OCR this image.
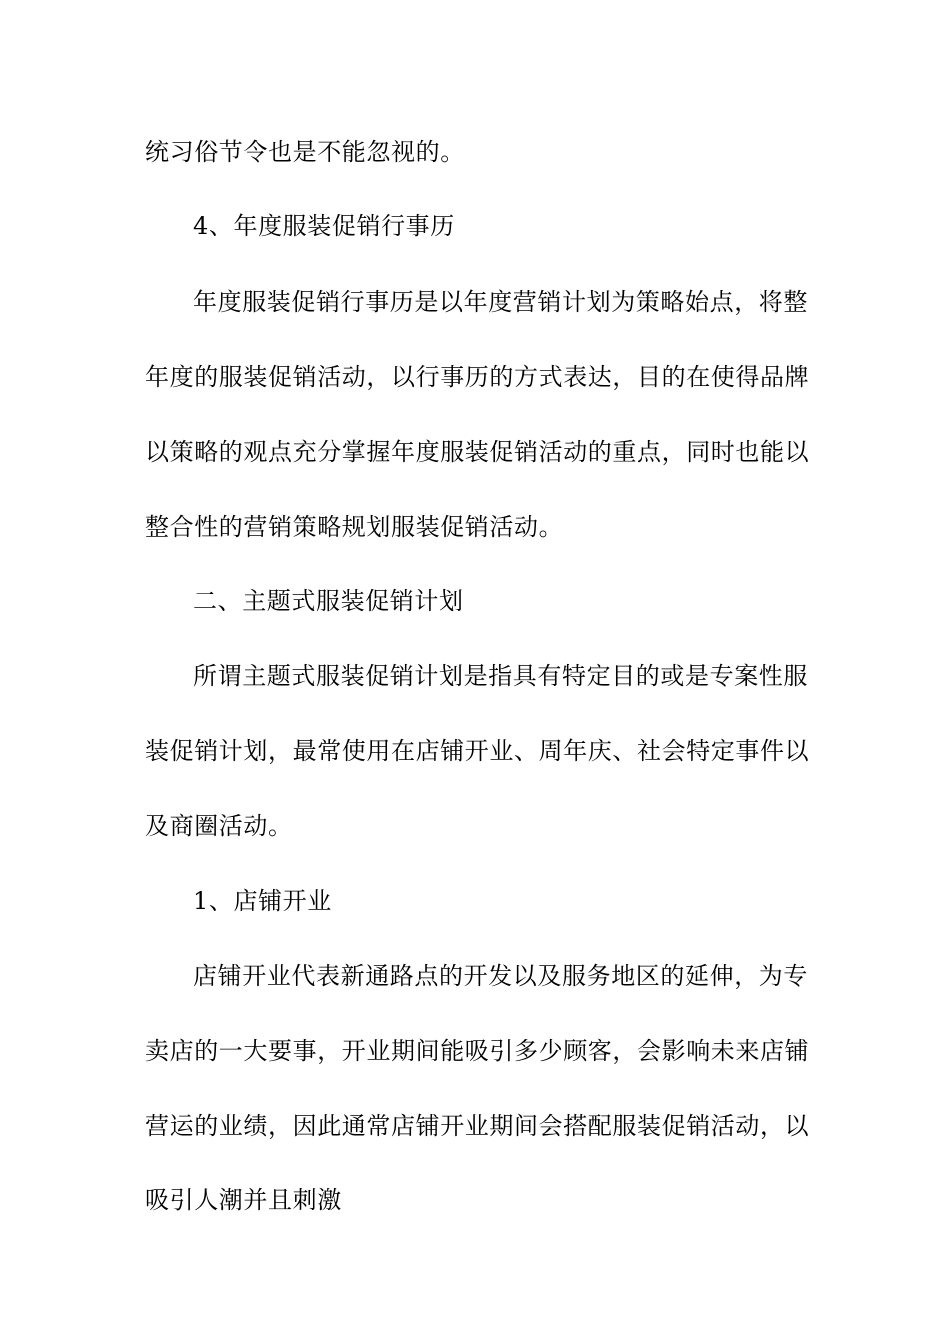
统习俗节令也是不能忽视的。
4、年度服装促销行事历
年度服装促销行事历是以年度营销计划为策略始点，将整
年度的服装促销活动，以行事历的方式表达，目的在使得品牌
以策略的观点充分掌握年度服装促销活动的重点，同时也能以
整合性的营销策略规划服装促销活动。
二、主题式服装促销计划
所谓主题式服装促销计划是指具有特定目的或是专案性服
装促销计划，最常使用在店铺开业、周年庆、社会特定事件以
及商圈活动。
1、店铺开业
店铺开业代表新通路点的开发以及服务地区的延伸，为专
卖店的一大要事，开业期间能吸引多少顾客，会影响未来店铺
营运的业绩，因此通常店铺开业期间会搭配服装促销活动，以
吸引人潮并且刺激
